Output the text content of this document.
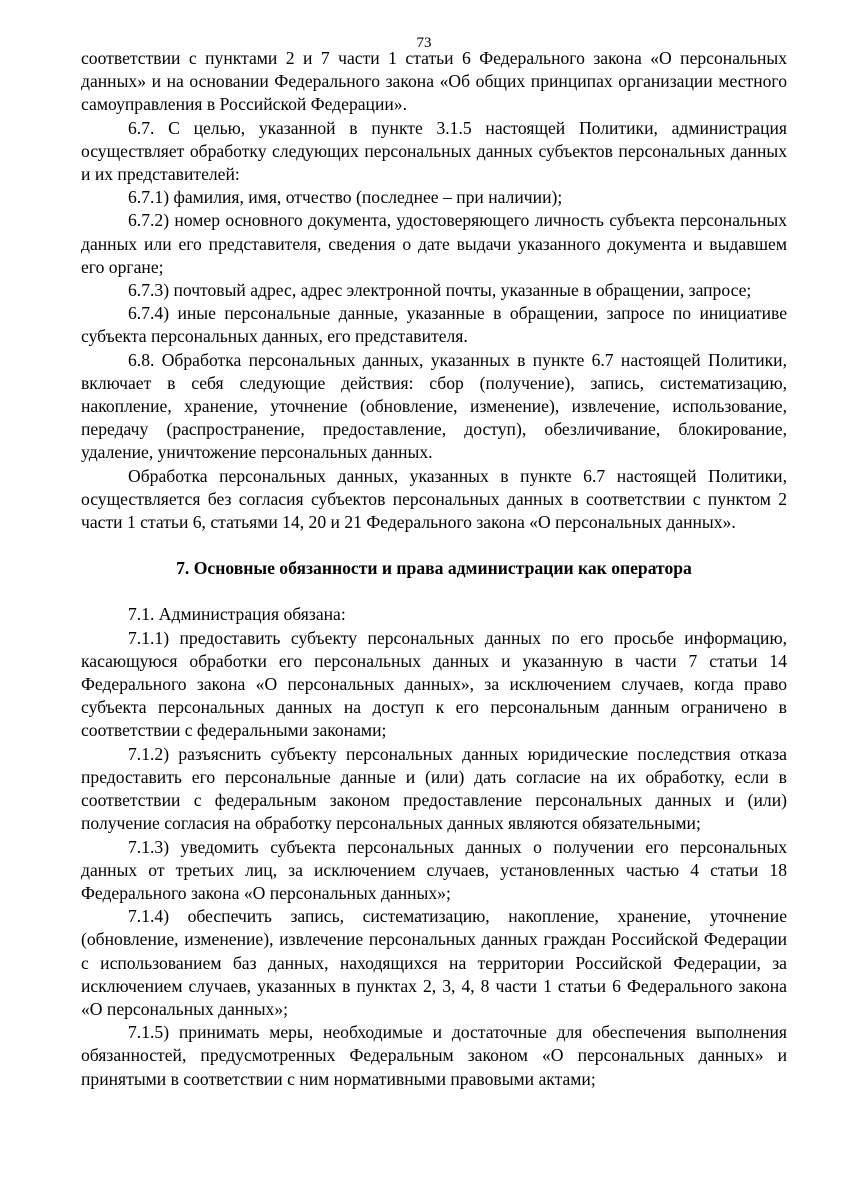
73

соответствии с пунктами 2 и 7 части 1 статьи 6 Федерального закона «О персональных данных» и на основании Федерального закона «Об общих принципах организации местного самоуправления в Российской Федерации».

6.7. С целью, указанной в пункте 3.1.5 настоящей Политики, администрация осуществляет обработку следующих персональных данных субъектов персональных данных и их представителей:

6.7.1) фамилия, имя, отчество (последнее – при наличии);

6.7.2) номер основного документа, удостоверяющего личность субъекта персональных данных или его представителя, сведения о дате выдачи указанного документа и выдавшем его органе;

6.7.3) почтовый адрес, адрес электронной почты, указанные в обращении, запросе;

6.7.4) иные персональные данные, указанные в обращении, запросе по инициативе субъекта персональных данных, его представителя.

6.8. Обработка персональных данных, указанных в пункте 6.7 настоящей Политики, включает в себя следующие действия: сбор (получение), запись, систематизацию, накопление, хранение, уточнение (обновление, изменение), извлечение, использование, передачу (распространение, предоставление, доступ), обезличивание, блокирование, удаление, уничтожение персональных данных.

Обработка персональных данных, указанных в пункте 6.7 настоящей Политики, осуществляется без согласия субъектов персональных данных в соответствии с пунктом 2 части 1 статьи 6, статьями 14, 20 и 21 Федерального закона «О персональных данных».

7. Основные обязанности и права администрации как оператора

7.1. Администрация обязана:

7.1.1) предоставить субъекту персональных данных по его просьбе информацию, касающуюся обработки его персональных данных и указанную в части 7 статьи 14 Федерального закона «О персональных данных», за исключением случаев, когда право субъекта персональных данных на доступ к его персональным данным ограничено в соответствии с федеральными законами;

7.1.2) разъяснить субъекту персональных данных юридические последствия отказа предоставить его персональные данные и (или) дать согласие на их обработку, если в соответствии с федеральным законом предоставление персональных данных и (или) получение согласия на обработку персональных данных являются обязательными;

7.1.3) уведомить субъекта персональных данных о получении его персональных данных от третьих лиц, за исключением случаев, установленных частью 4 статьи 18 Федерального закона «О персональных данных»;

7.1.4) обеспечить запись, систематизацию, накопление, хранение, уточнение (обновление, изменение), извлечение персональных данных граждан Российской Федерации с использованием баз данных, находящихся на территории Российской Федерации, за исключением случаев, указанных в пунктах 2, 3, 4, 8 части 1 статьи 6 Федерального закона «О персональных данных»;

7.1.5) принимать меры, необходимые и достаточные для обеспечения выполнения обязанностей, предусмотренных Федеральным законом «О персональных данных» и принятыми в соответствии с ним нормативными правовыми актами;
